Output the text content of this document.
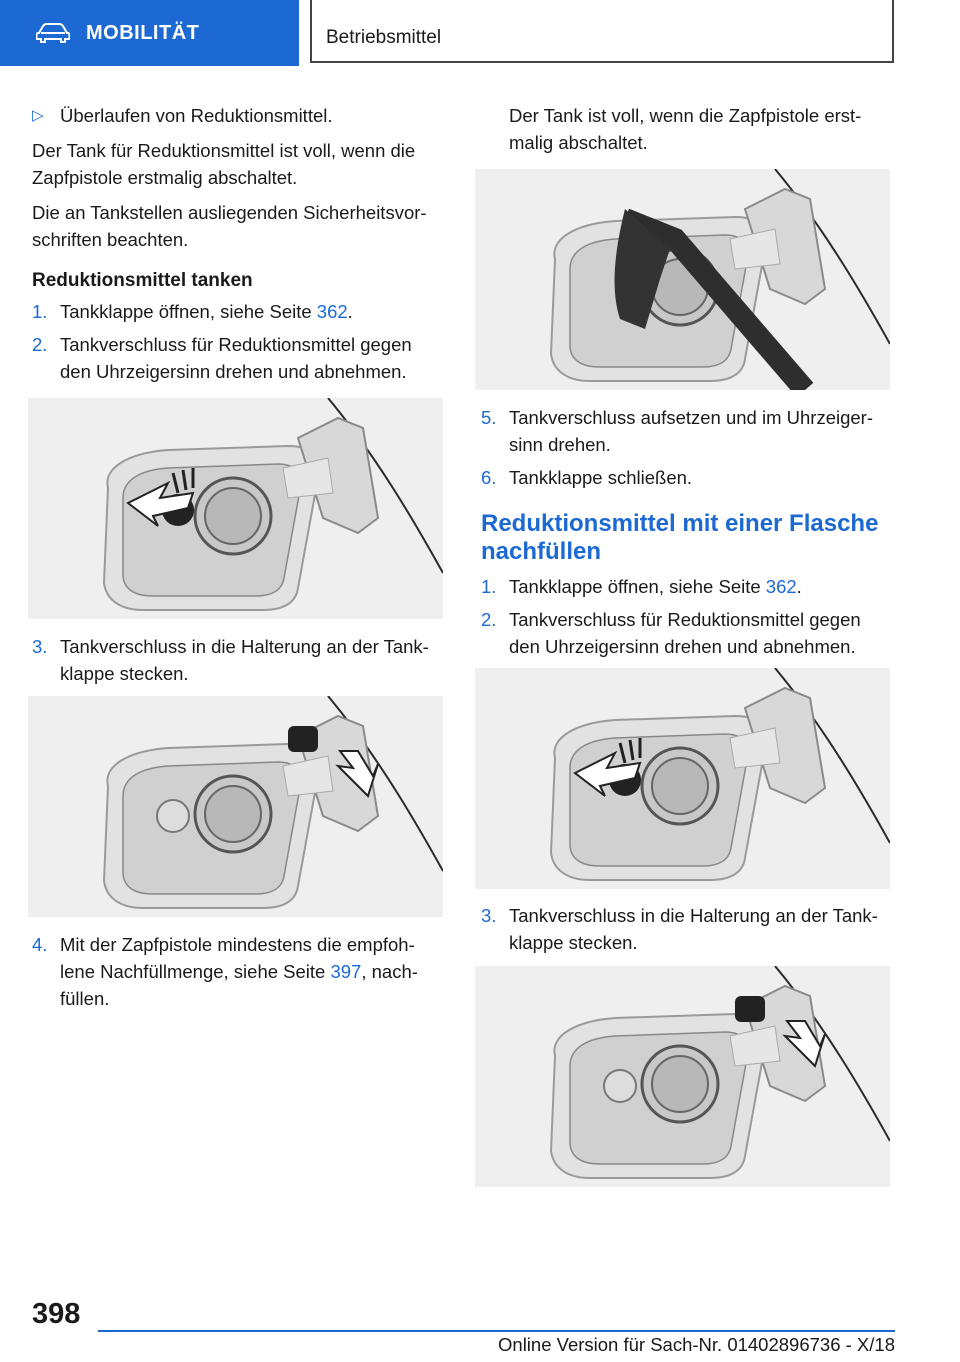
MOBILITÄT	Betriebsmittel
▷ Überlaufen von Reduktionsmittel.

Der Tank für Reduktionsmittel ist voll, wenn die Zapfpistole erstmalig abschaltet.

Die an Tankstellen ausliegenden Sicherheitsvor-schriften beachten.

Reduktionsmittel tanken
1. Tankklappe öffnen, siehe Seite 362.
2. Tankverschluss für Reduktionsmittel gegen den Uhrzeigersinn drehen und abnehmen.
3. Tankverschluss in die Halterung an der Tank-klappe stecken.
4. Mit der Zapfpistole mindestens die empfoh-lene Nachfüllmenge, siehe Seite 397, nach-füllen.

Der Tank ist voll, wenn die Zapfpistole erst-malig abschaltet.

5. Tankverschluss aufsetzen und im Uhrzeiger-sinn drehen.
6. Tankklappe schließen.
Reduktionsmittel mit einer Flasche nachfüllen
1. Tankklappe öffnen, siehe Seite 362.
2. Tankverschluss für Reduktionsmittel gegen den Uhrzeigersinn drehen und abnehmen.
3. Tankverschluss in die Halterung an der Tank-klappe stecken.
398
Online Version für Sach-Nr. 01402896736 - X/18
